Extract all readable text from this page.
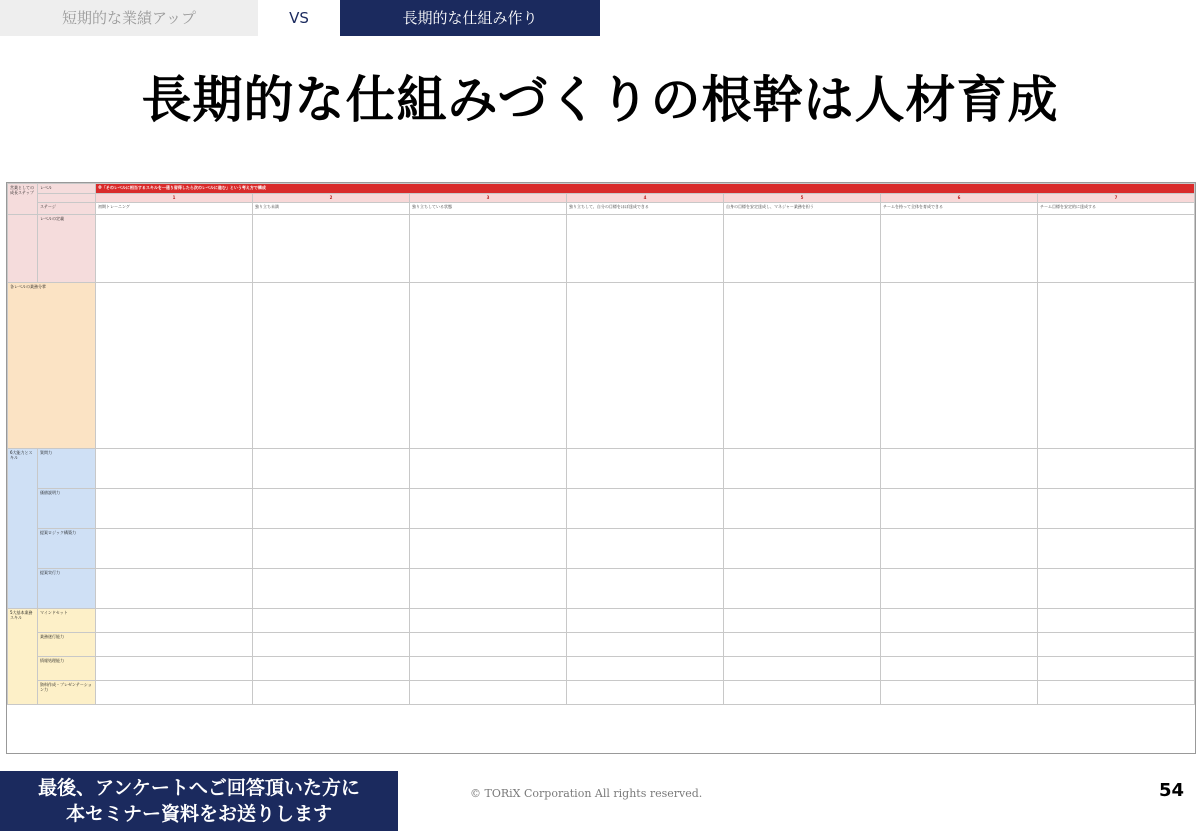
短期的な業績アップ	VS	長期的な仕組み作り
長期的な仕組みづくりの根幹は人材育成
営業としての成長ステップ	レベル	※「そのレベルに相当するスキルを一通り習得したら次のレベルに進む」という考え方で構成						
		1	2	3	4	5	6	7
	ステージ	初期トレーニング	独り立ち未満	独り立ちしている状態	独り立ちして、自分の目標をほぼ達成できる	自身の目標を安定達成し、マネジャー業務を担う	チームを持って全体を育成できる	チーム目標を安定的に達成する
	レベルの定義							
各レベルの業務分掌								
6大能力とスキル	質問力							
	価値説明力							
	提案ロジック構築力							
	提案実行力							
5大基本業務スキル	マインドセット							
	業務遂行能力							
	情報処理能力							
	資料作成・プレゼンテーション力							
最後、アンケートへご回答頂いた方に
本セミナー資料をお送りします
© TORiX Corporation All rights reserved.	54
